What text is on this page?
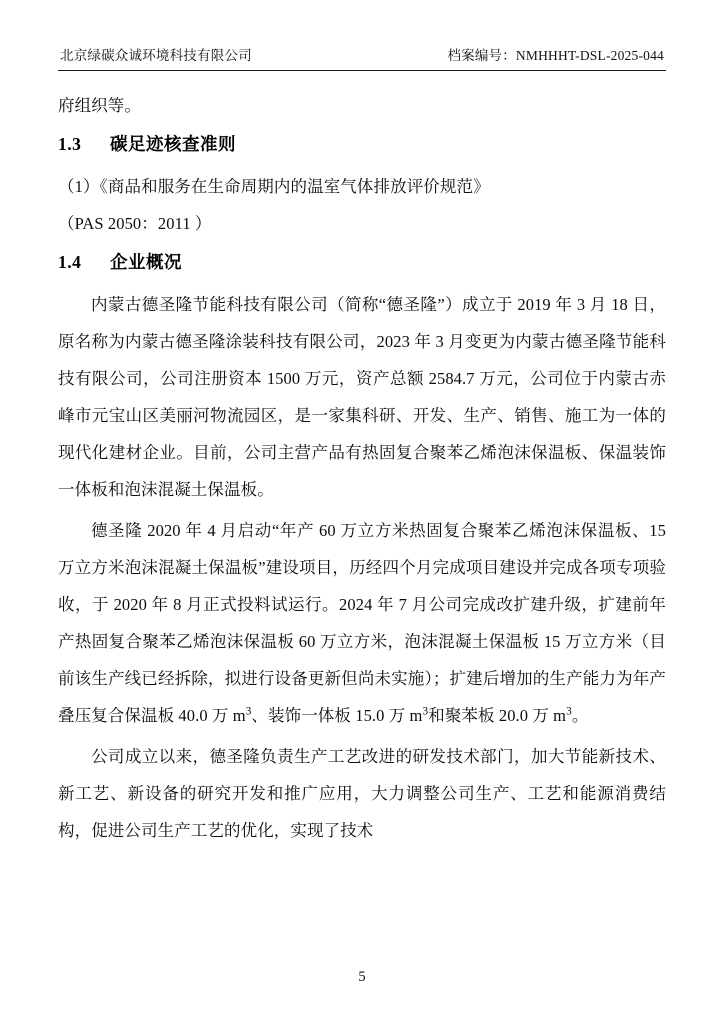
北京绿碳众诚环境科技有限公司	档案编号：NMHHHT-DSL-2025-044

府组织等。

1.3 碳足迹核查准则

（1）《商品和服务在生命周期内的温室气体排放评价规范》

（PAS 2050：2011 ）

1.4 企业概况

内蒙古德圣隆节能科技有限公司（简称“德圣隆”）成立于 2019 年 3 月 18 日，原名称为内蒙古德圣隆涂装科技有限公司，2023 年 3 月变更为内蒙古德圣隆节能科技有限公司，公司注册资本 1500 万元，资产总额 2584.7 万元，公司位于内蒙古赤峰市元宝山区美丽河物流园区，是一家集科研、开发、生产、销售、施工为一体的现代化建材企业。目前，公司主营产品有热固复合聚苯乙烯泡沫保温板、保温装饰一体板和泡沫混凝土保温板。

德圣隆 2020 年 4 月启动“年产 60 万立方米热固复合聚苯乙烯泡沫保温板、15 万立方米泡沫混凝土保温板”建设项目，历经四个月完成项目建设并完成各项专项验收，于 2020 年 8 月正式投料试运行。2024 年 7 月公司完成改扩建升级，扩建前年产热固复合聚苯乙烯泡沫保温板 60 万立方米，泡沫混凝土保温板 15 万立方米（目前该生产线已经拆除，拟进行设备更新但尚未实施）；扩建后增加的生产能力为年产叠压复合保温板 40.0 万 $m^3$、装饰一体板 15.0 万 $m^3$和聚苯板 20.0 万 $m^3$。

公司成立以来，德圣隆负责生产工艺改进的研发技术部门，加大节能新技术、新工艺、新设备的研究开发和推广应用，大力调整公司生产、工艺和能源消费结构，促进公司生产工艺的优化，实现了技术

5
